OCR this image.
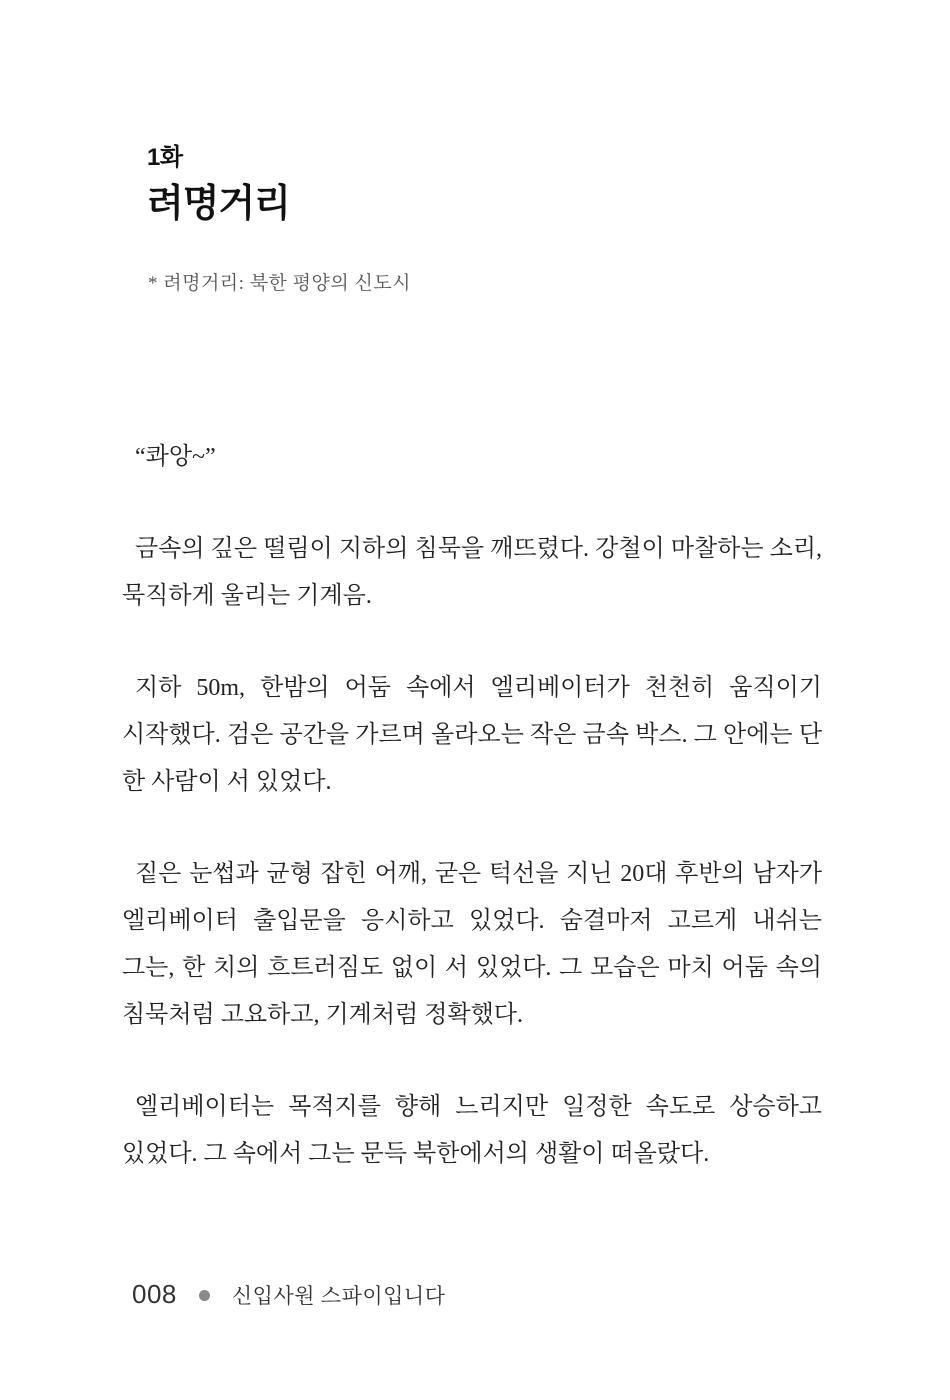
1화
려명거리
* 려명거리: 북한 평양의 신도시

“콰앙~”

금속의 깊은 떨림이 지하의 침묵을 깨뜨렸다. 강철이 마찰하는 소리, 묵직하게 울리는 기계음.

지하 50m, 한밤의 어둠 속에서 엘리베이터가 천천히 움직이기 시작했다. 검은 공간을 가르며 올라오는 작은 금속 박스. 그 안에는 단 한 사람이 서 있었다.

짙은 눈썹과 균형 잡힌 어깨, 굳은 턱선을 지닌 20대 후반의 남자가 엘리베이터 출입문을 응시하고 있었다. 숨결마저 고르게 내쉬는 그는, 한 치의 흐트러짐도 없이 서 있었다. 그 모습은 마치 어둠 속의 침묵처럼 고요하고, 기계처럼 정확했다.

엘리베이터는 목적지를 향해 느리지만 일정한 속도로 상승하고 있었다. 그 속에서 그는 문득 북한에서의 생활이 떠올랐다.

008	신입사원 스파이입니다
